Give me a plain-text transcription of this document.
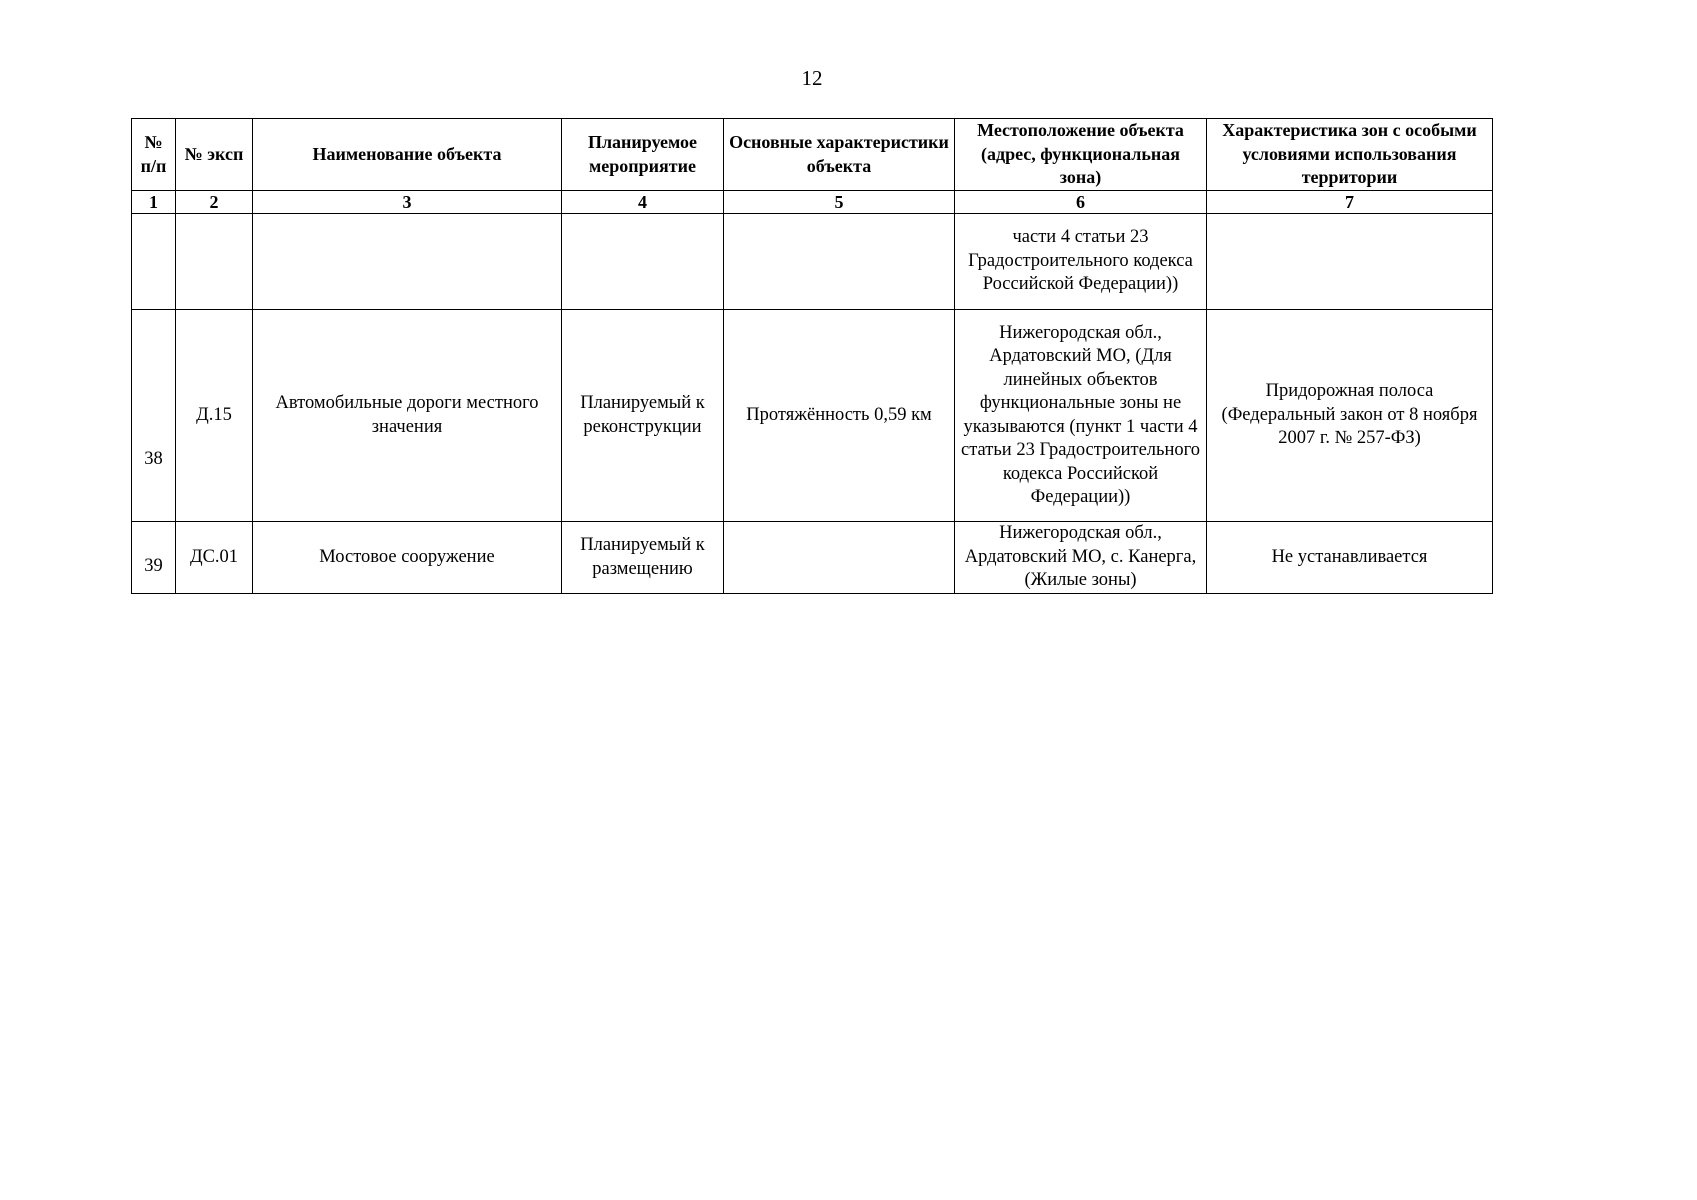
12
№ п/п	№ эксп	Наименование объекта	Планируемое мероприятие	Основные характеристики объекта	Местоположение объекта (адрес, функциональная зона)	Характеристика зон с особыми условиями использования территории
1	2	3	4	5	6	7
					части 4 статьи 23 Градостроительного кодекса Российской Федерации))	
38	Д.15	Автомобильные дороги местного значения	Планируемый к реконструкции	Протяжённость 0,59 км	Нижегородская обл., Ардатовский МО, (Для линейных объектов функциональные зоны не указываются (пункт 1 части 4 статьи 23 Градостроительного кодекса Российской Федерации))	Придорожная полоса (Федеральный закон от 8 ноября 2007 г. № 257-ФЗ)
39	ДС.01	Мостовое сооружение	Планируемый к размещению		Нижегородская обл., Ардатовский МО, с. Канерга, (Жилые зоны)	Не устанавливается
